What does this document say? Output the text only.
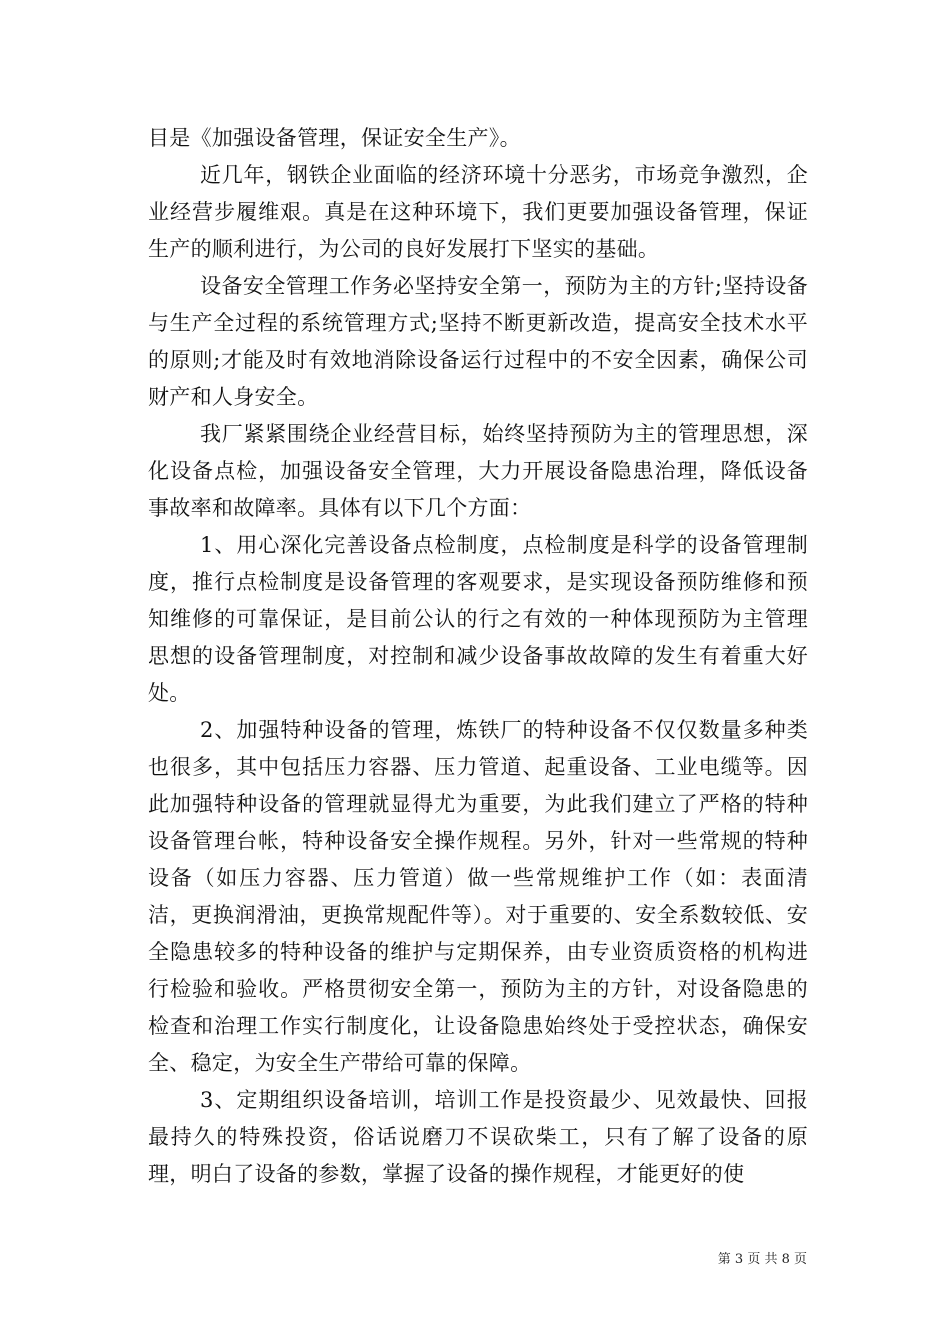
目是《加强设备管理，保证安全生产》。

近几年，钢铁企业面临的经济环境十分恶劣，市场竞争激烈，企业经营步履维艰。真是在这种环境下，我们更要加强设备管理，保证生产的顺利进行，为公司的良好发展打下坚实的基础。

设备安全管理工作务必坚持安全第一，预防为主的方针;坚持设备与生产全过程的系统管理方式;坚持不断更新改造，提高安全技术水平的原则;才能及时有效地消除设备运行过程中的不安全因素，确保公司财产和人身安全。

我厂紧紧围绕企业经营目标，始终坚持预防为主的管理思想，深化设备点检，加强设备安全管理，大力开展设备隐患治理，降低设备事故率和故障率。具体有以下几个方面：

1、用心深化完善设备点检制度，点检制度是科学的设备管理制度，推行点检制度是设备管理的客观要求，是实现设备预防维修和预知维修的可靠保证，是目前公认的行之有效的一种体现预防为主管理思想的设备管理制度，对控制和减少设备事故故障的发生有着重大好处。

2、加强特种设备的管理，炼铁厂的特种设备不仅仅数量多种类也很多，其中包括压力容器、压力管道、起重设备、工业电缆等。因此加强特种设备的管理就显得尤为重要，为此我们建立了严格的特种设备管理台帐，特种设备安全操作规程。另外，针对一些常规的特种设备（如压力容器、压力管道）做一些常规维护工作（如：表面清洁，更换润滑油，更换常规配件等）。对于重要的、安全系数较低、安全隐患较多的特种设备的维护与定期保养，由专业资质资格的机构进行检验和验收。严格贯彻安全第一，预防为主的方针，对设备隐患的检查和治理工作实行制度化，让设备隐患始终处于受控状态，确保安全、稳定，为安全生产带给可靠的保障。

3、定期组织设备培训，培训工作是投资最少、见效最快、回报最持久的特殊投资，俗话说磨刀不误砍柴工，只有了解了设备的原理，明白了设备的参数，掌握了设备的操作规程，才能更好的使

第 3 页 共 8 页
